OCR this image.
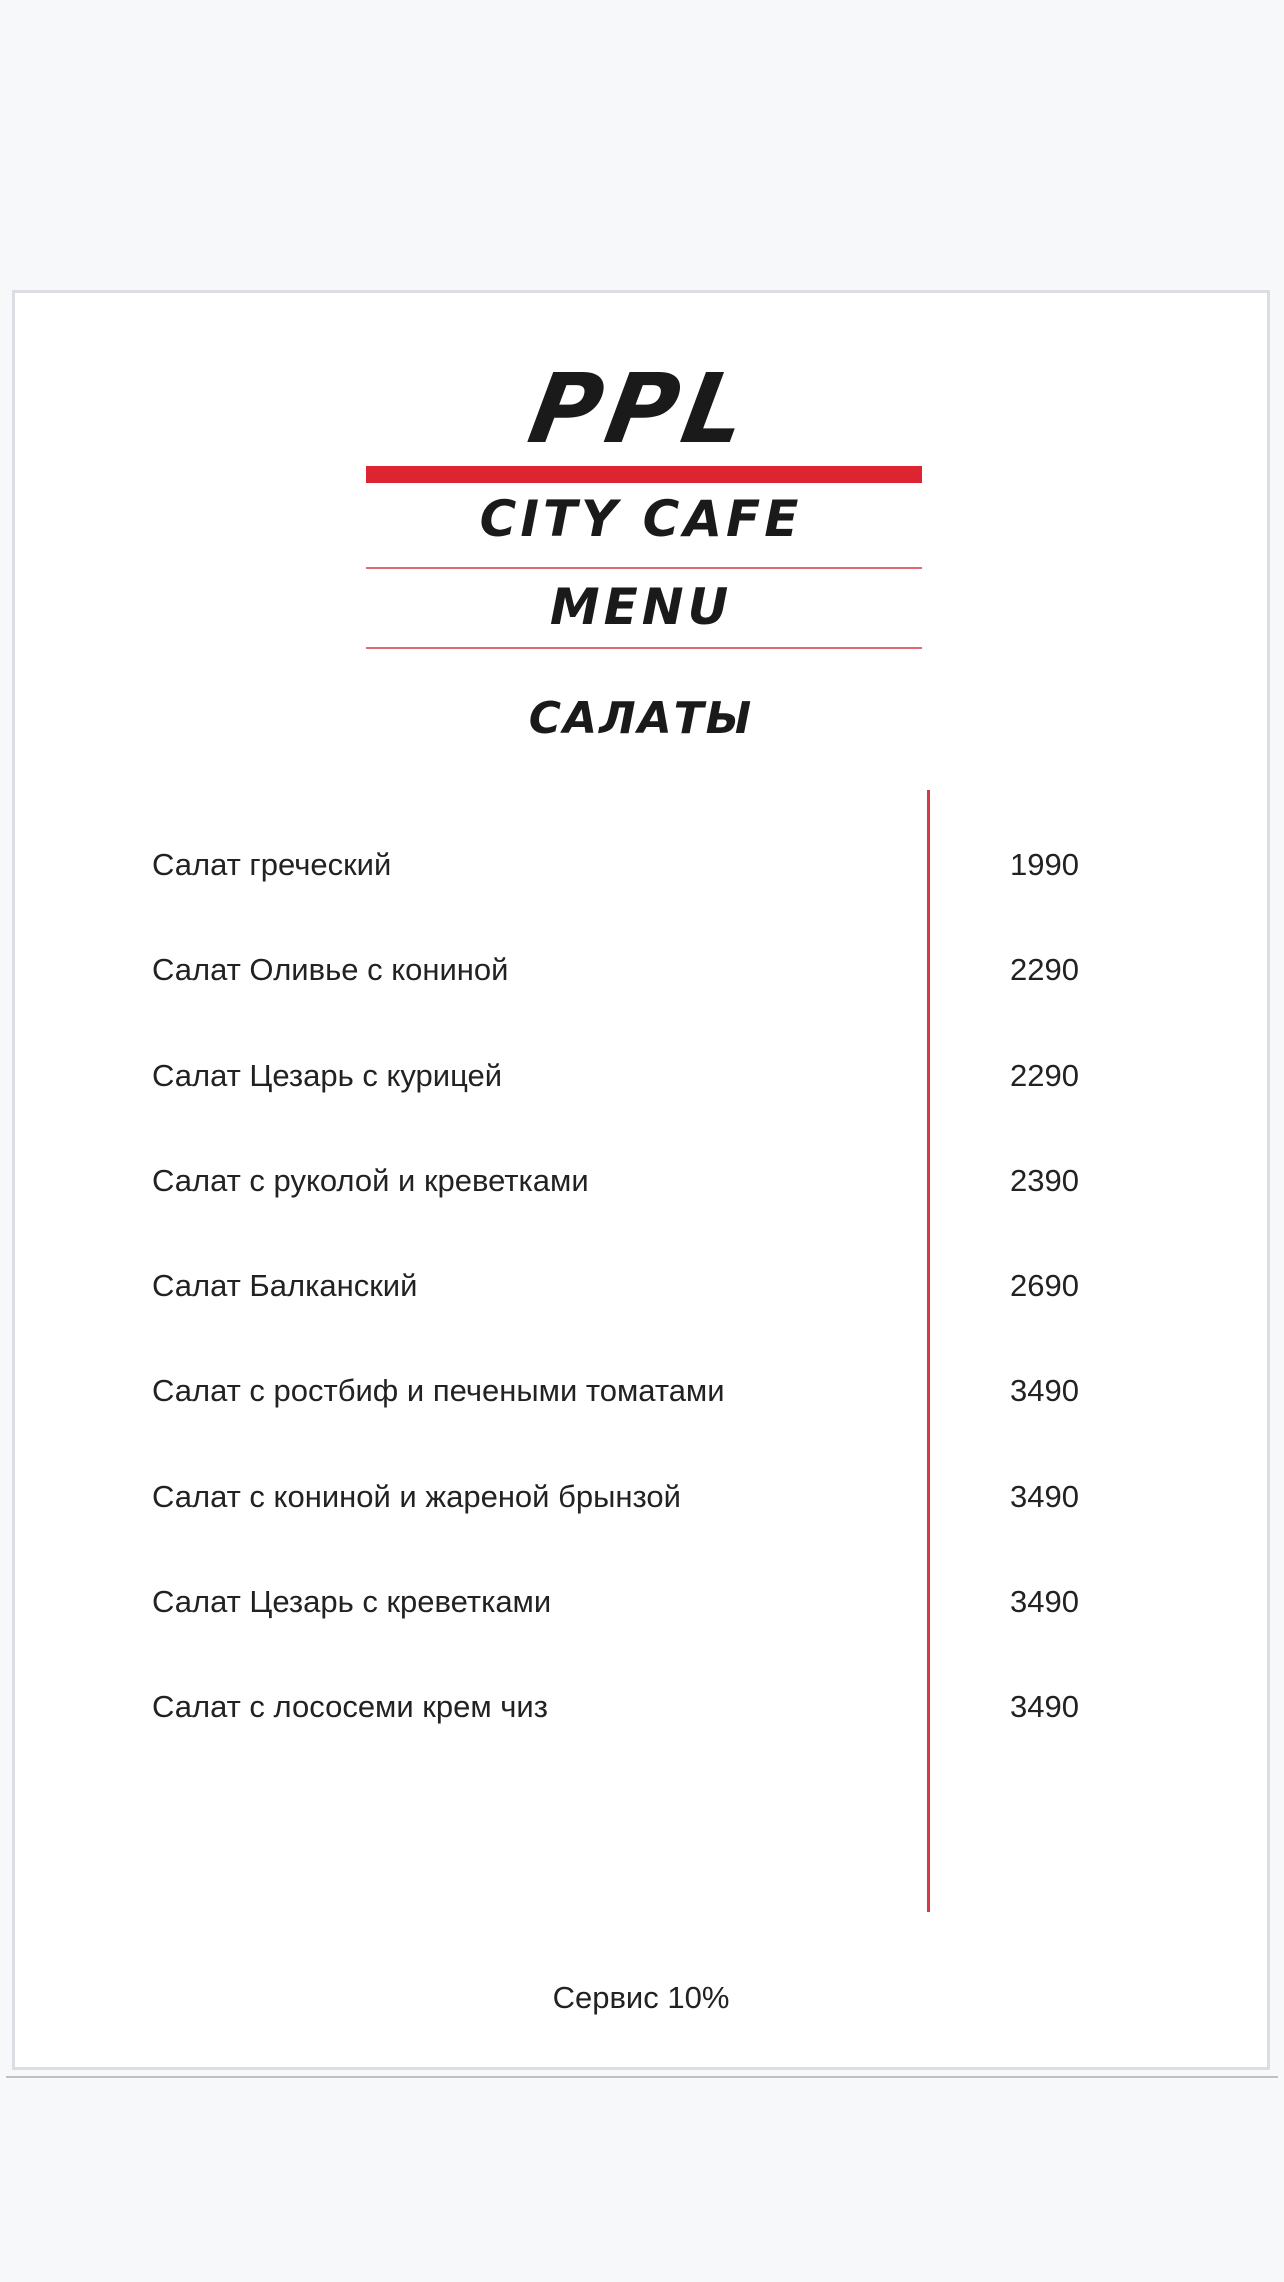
PPL
CITY CAFE
MENU
САЛАТЫ
Салат греческий	1990
Салат Оливье с кониной	2290
Салат Цезарь с курицей	2290
Салат с руколой и креветками	2390
Салат Балканский	2690
Салат с ростбиф и печеными томатами	3490
Салат с кониной и жареной брынзой	3490
Салат Цезарь с креветками	3490
Салат с лососеми крем чиз	3490
Сервис 10%
